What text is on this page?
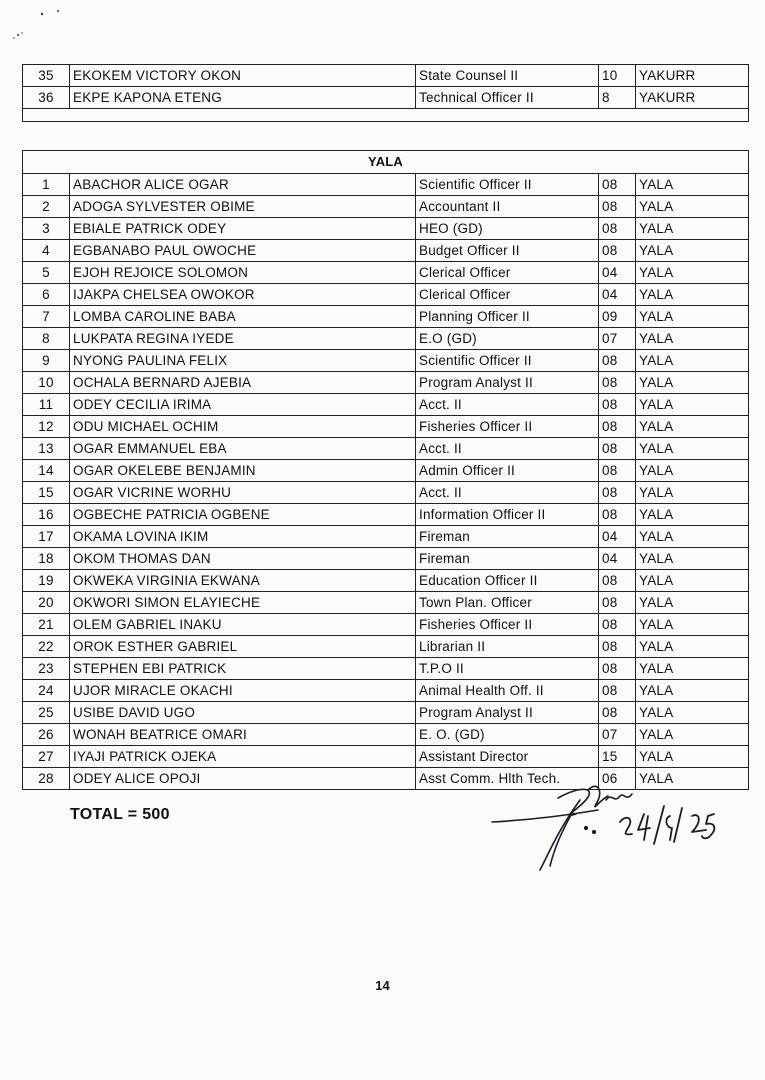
35	EKOKEM VICTORY OKON	State Counsel II	10	YAKURR
36	EKPE KAPONA ETENG	Technical Officer II	8	YAKURR

YALA				
1	ABACHOR ALICE OGAR	Scientific Officer II	08	YALA
2	ADOGA SYLVESTER OBIME	Accountant II	08	YALA
3	EBIALE PATRICK ODEY	HEO (GD)	08	YALA
4	EGBANABO PAUL OWOCHE	Budget Officer II	08	YALA
5	EJOH REJOICE SOLOMON	Clerical Officer	04	YALA
6	IJAKPA CHELSEA OWOKOR	Clerical Officer	04	YALA
7	LOMBA CAROLINE BABA	Planning Officer II	09	YALA
8	LUKPATA REGINA IYEDE	E.O (GD)	07	YALA
9	NYONG PAULINA FELIX	Scientific Officer II	08	YALA
10	OCHALA BERNARD AJEBIA	Program Analyst II	08	YALA
11	ODEY CECILIA IRIMA	Acct. II	08	YALA
12	ODU MICHAEL OCHIM	Fisheries Officer II	08	YALA
13	OGAR EMMANUEL EBA	Acct. II	08	YALA
14	OGAR OKELEBE BENJAMIN	Admin Officer II	08	YALA
15	OGAR VICRINE WORHU	Acct. II	08	YALA
16	OGBECHE PATRICIA OGBENE	Information Officer II	08	YALA
17	OKAMA LOVINA IKIM	Fireman	04	YALA
18	OKOM THOMAS DAN	Fireman	04	YALA
19	OKWEKA VIRGINIA EKWANA	Education Officer II	08	YALA
20	OKWORI SIMON ELAYIECHE	Town Plan. Officer	08	YALA
21	OLEM GABRIEL INAKU	Fisheries Officer II	08	YALA
22	OROK ESTHER GABRIEL	Librarian II	08	YALA
23	STEPHEN EBI PATRICK	T.P.O II	08	YALA
24	UJOR MIRACLE OKACHI	Animal Health Off. II	08	YALA
25	USIBE DAVID UGO	Program Analyst II	08	YALA
26	WONAH BEATRICE OMARI	E. O. (GD)	07	YALA
27	IYAJI PATRICK OJEKA	Assistant Director	15	YALA
28	ODEY ALICE OPOJI	Asst Comm. Hlth Tech.	06	YALA
TOTAL = 500
14
